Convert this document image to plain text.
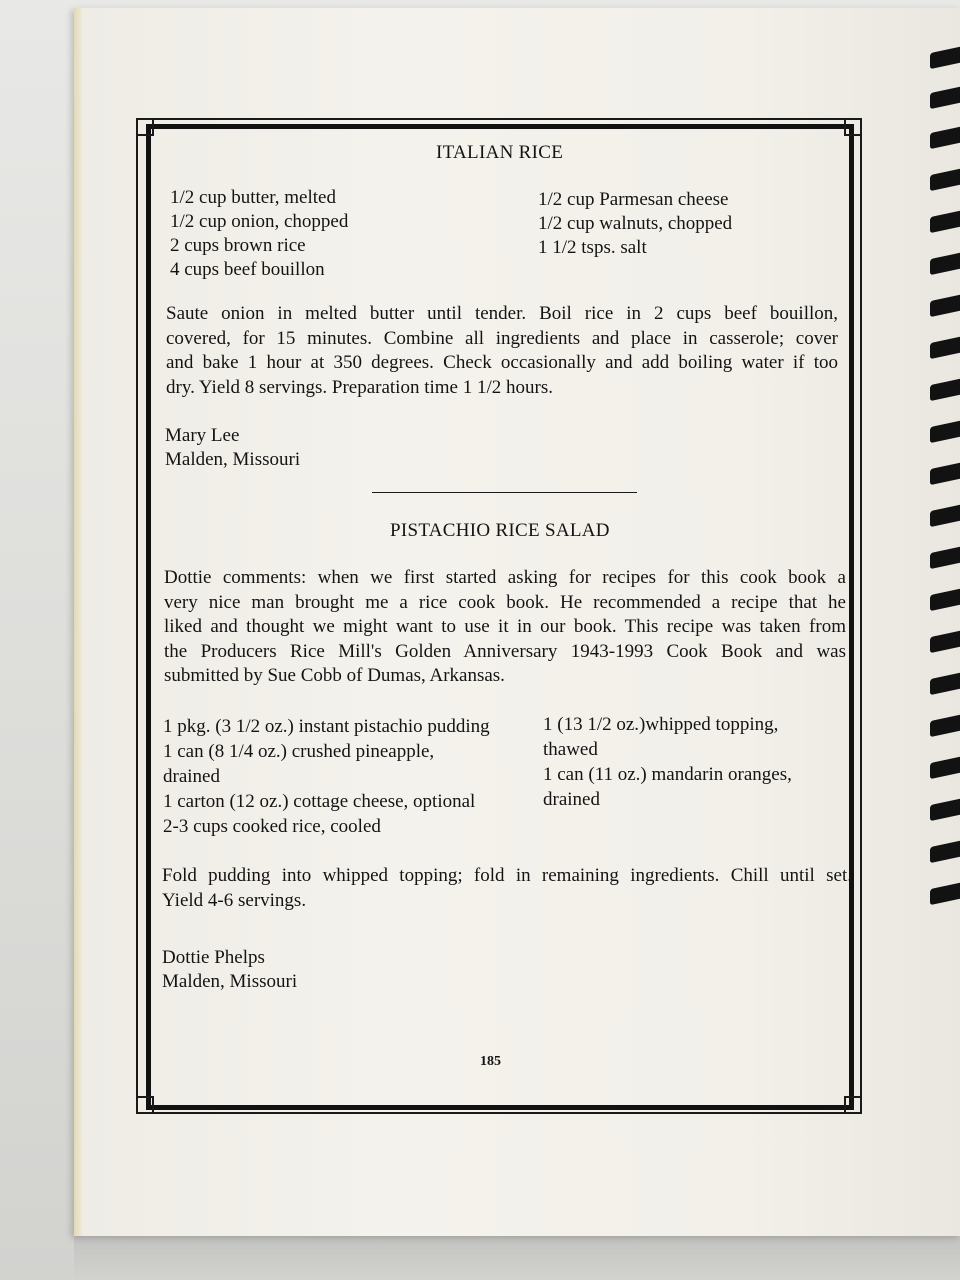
ITALIAN RICE
1/2 cup butter, melted
1/2 cup onion, chopped
2 cups brown rice
4 cups beef bouillon
1/2 cup Parmesan cheese
1/2 cup walnuts, chopped
1 1/2 tsps. salt
Saute onion in melted butter until tender. Boil rice in 2 cups beef bouillon,
covered, for 15 minutes. Combine all ingredients and place in casserole; cover
and bake 1 hour at 350 degrees. Check occasionally and add boiling water if too
dry. Yield 8 servings. Preparation time 1 1/2 hours.
Mary Lee
Malden, Missouri
PISTACHIO RICE SALAD
Dottie comments: when we first started asking for recipes for this cook book a
very nice man brought me a rice cook book. He recommended a recipe that he
liked and thought we might want to use it in our book. This recipe was taken from
the Producers Rice Mill's Golden Anniversary 1943-1993 Cook Book and was
submitted by Sue Cobb of Dumas, Arkansas.
1 pkg. (3 1/2 oz.) instant pistachio pudding
1 can (8 1/4 oz.) crushed pineapple,
drained
1 carton (12 oz.) cottage cheese, optional
2-3 cups cooked rice, cooled
1 (13 1/2 oz.)whipped topping,
thawed
1 can (11 oz.) mandarin oranges,
drained
Fold pudding into whipped topping; fold in remaining ingredients. Chill until set.
Yield 4-6 servings.
Dottie Phelps
Malden, Missouri
185
